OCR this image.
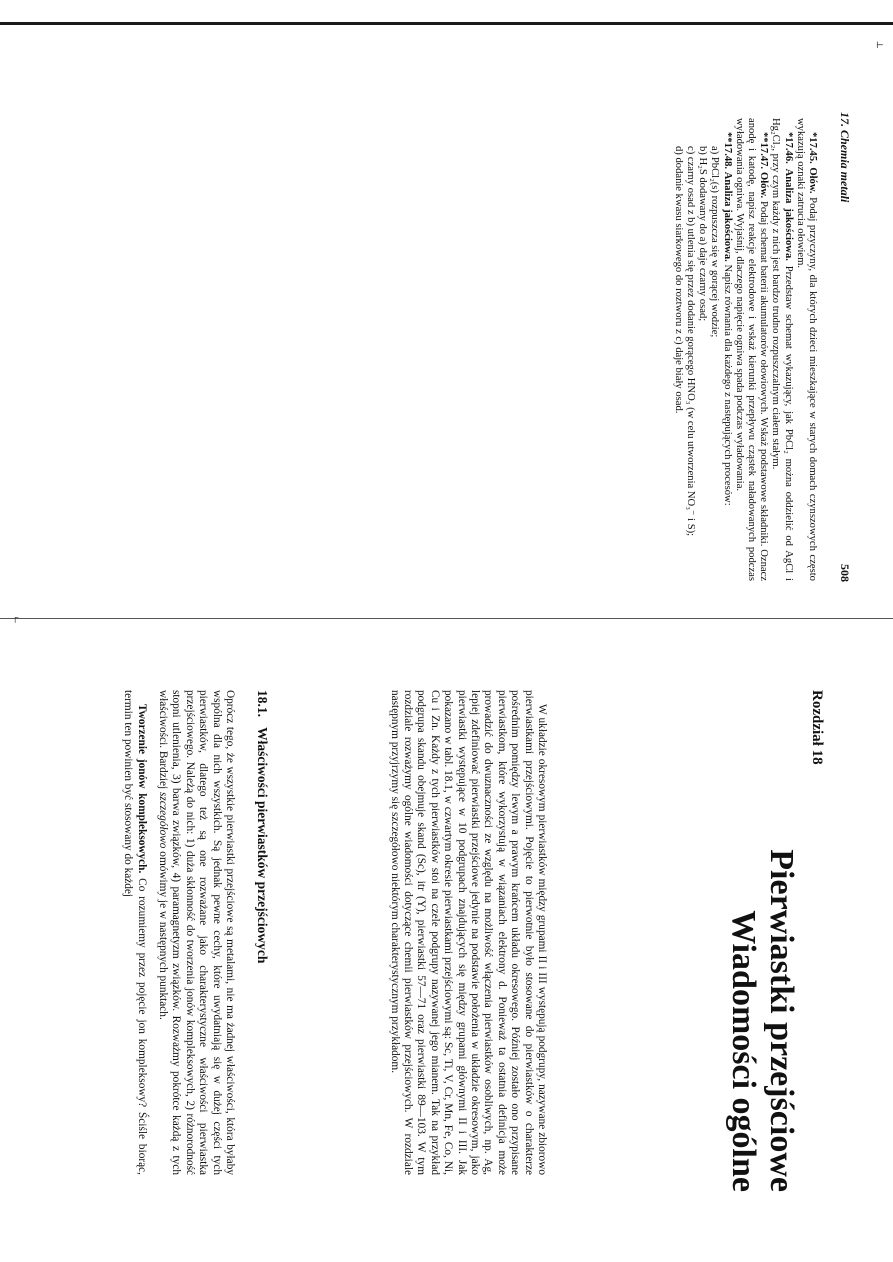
┌
⊢
17. Chemia metali
508

*17.45. Ołów. Podaj przyczyny, dla których dzieci mieszkające w starych domach czynszowych często wykazują oznaki zatrucia ołowiem.

*17.46. Analiza jakościowa. Przedstaw schemat wykazujący, jak PbCl₂ można oddzielić od AgCl i Hg₂Cl₂, przy czym każdy z nich jest bardzo trudno rozpuszczalnym ciałem stałym.

**17.47. Ołów. Podaj schemat baterii akumulatorów ołowiowych. Wskaż podstawowe składniki. Oznacz anodę i katodę, napisz reakcje elektrodowe i wskaż kierunki przepływu cząstek naładowanych podczas wyładowania ogniwa. Wyjaśnij, dlaczego napięcie ogniwa spada podczas wyładowania.

**17.48. Analiza jakościowa. Napisz równania dla każdego z następujących procesów:

a) PbCl₂(s) rozpuszcza się w gorącej wodzie;
b) H₂S dodawany do a) daje czarny osad;
c) czarny osad z b) utlenia się przez dodanie gorącego HNO₃ (w celu utworzenia NO₃⁻ i S);
d) dodanie kwasu siarkowego do roztworu z c) daje biały osad.
Rozdział 18
Pierwiastki przejściowe
Wiadomości ogólne

W układzie okresowym pierwiastków między grupami II i III występują podgrupy, nazywane zbiorowo pierwiastkami przejściowymi. Pojęcie to pierwotnie było stosowane do pierwiastków o charakterze pośrednim pomiędzy lewym a prawym krańcem układu okresowego. Później zostało ono przypisane pierwiastkom, które wykorzystują w wiązaniach elektrony d. Ponieważ ta ostatnia definicja może prowadzić do dwuznaczności ze względu na możliwość włączenia pierwiastków osobliwych, np. Ag, lepiej zdefiniować pierwiastki przejściowe jedynie na podstawie położenia w układzie okresowym, jako pierwiastki występujące w 10 podgrupach znajdujących się między grupami głównymi II i III. Jak pokazano w tabl. 18.1, w czwartym okresie pierwiastkami przejściowymi są: Sc, Ti, V, Cr, Mn, Fe, Co, Ni, Cu i Zn. Każdy z tych pierwiastków stoi na czele podgrupy nazywanej jego mianem. Tak na przykład podgrupa skandu obejmuje skand (Sc), itr (Y), pierwiastki 57—71 oraz pierwiastki 89—103. W tym rozdziale rozważymy ogólne wiadomości dotyczące chemii pierwiastków przejściowych. W rozdziale następnym przyjrzymy się szczegółowo niektórym charakterystycznym przykładom.

18.1.   Właściwości pierwiastków przejściowych

Oprócz tego, że wszystkie pierwiastki przejściowe są metalami, nie ma żadnej właściwości, która byłaby wspólna dla nich wszystkich. Są jednak pewne cechy, które uwydatniają się w dużej części tych pierwiastków, dlatego też są one rozważane jako charakterystyczne właściwości pierwiastka przejściowego. Należą do nich: 1) duża skłonność do tworzenia jonów kompleksowych, 2) różnorodność stopni utlenienia, 3) barwa związków, 4) paramagnetyzm związków. Rozważmy pokrótce każdą z tych właściwości. Bardziej szczegółowo omówimy je w następnych punktach.

Tworzenie jonów kompleksowych. Co rozumiemy przez pojęcie jon kompleksowy? Ściśle biorąc, termin ten powinien być stosowany do każdej
